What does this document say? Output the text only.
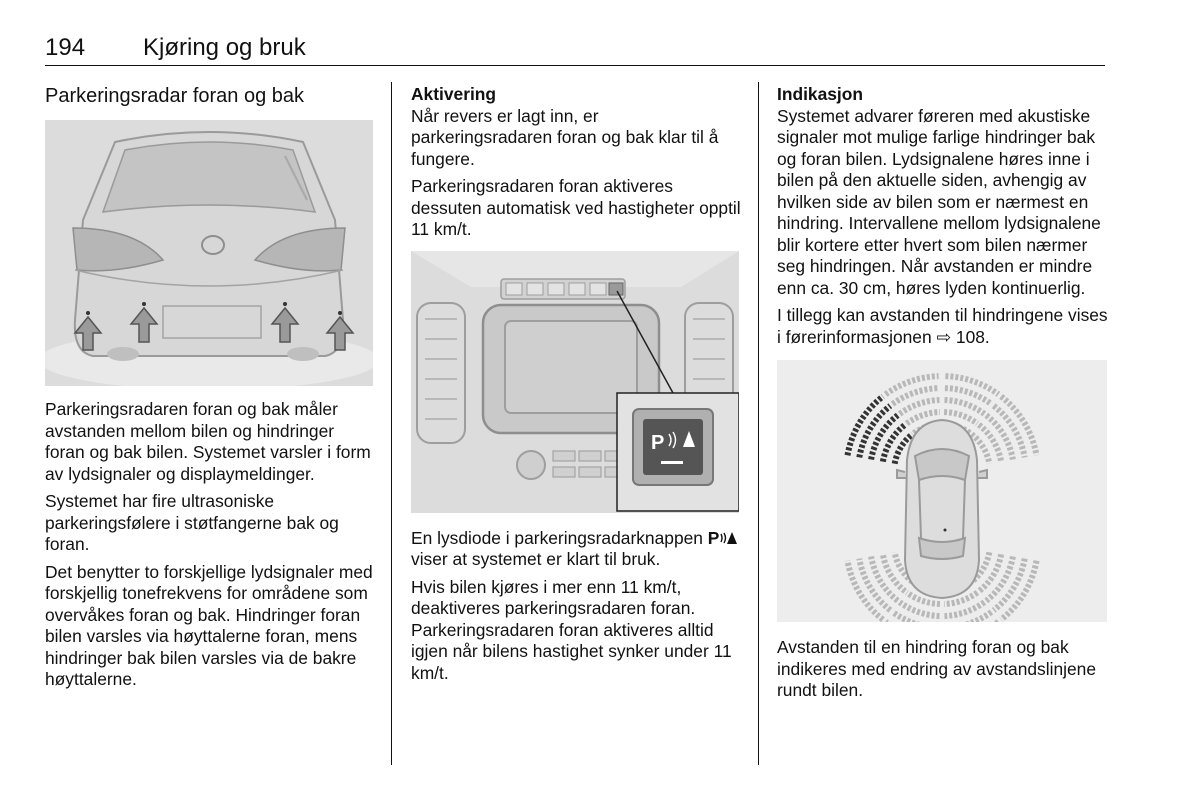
194 Kjøring og bruk
Parkeringsradar foran og bak

Parkeringsradaren foran og bak måler avstanden mellom bilen og hindringer foran og bak bilen. Systemet varsler i form av lydsignaler og displaymeldinger.

Systemet har fire ultrasoniske parkeringsfølere i støtfangerne bak og foran.

Det benytter to forskjellige lydsignaler med forskjellig tonefrekvens for områdene som overvåkes foran og bak. Hindringer foran bilen varsles via høyttalerne foran, mens hindringer bak bilen varsles via de bakre høyttalerne.

Aktivering

Når revers er lagt inn, er parkeringsradaren foran og bak klar til å fungere.

Parkeringsradaren foran aktiveres dessuten automatisk ved hastigheter opptil 11 km/t.

P

En lysdiode i parkeringsradarknappen P viser at systemet er klart til bruk.

Hvis bilen kjøres i mer enn 11 km/t, deaktiveres parkeringsradaren foran. Parkeringsradaren foran aktiveres alltid igjen når bilens hastighet synker under 11 km/t.

Indikasjon

Systemet advarer føreren med akustiske signaler mot mulige farlige hindringer bak og foran bilen. Lydsignalene høres inne i bilen på den aktuelle siden, avhengig av hvilken side av bilen som er nærmest en hindring. Intervallene mellom lydsignalene blir kortere etter hvert som bilen nærmer seg hindringen. Når avstanden er mindre enn ca. 30 cm, høres lyden kontinuerlig.

I tillegg kan avstanden til hindringene vises i førerinformasjonen ⇨ 108.

Avstanden til en hindring foran og bak indikeres med endring av avstandslinjene rundt bilen.
